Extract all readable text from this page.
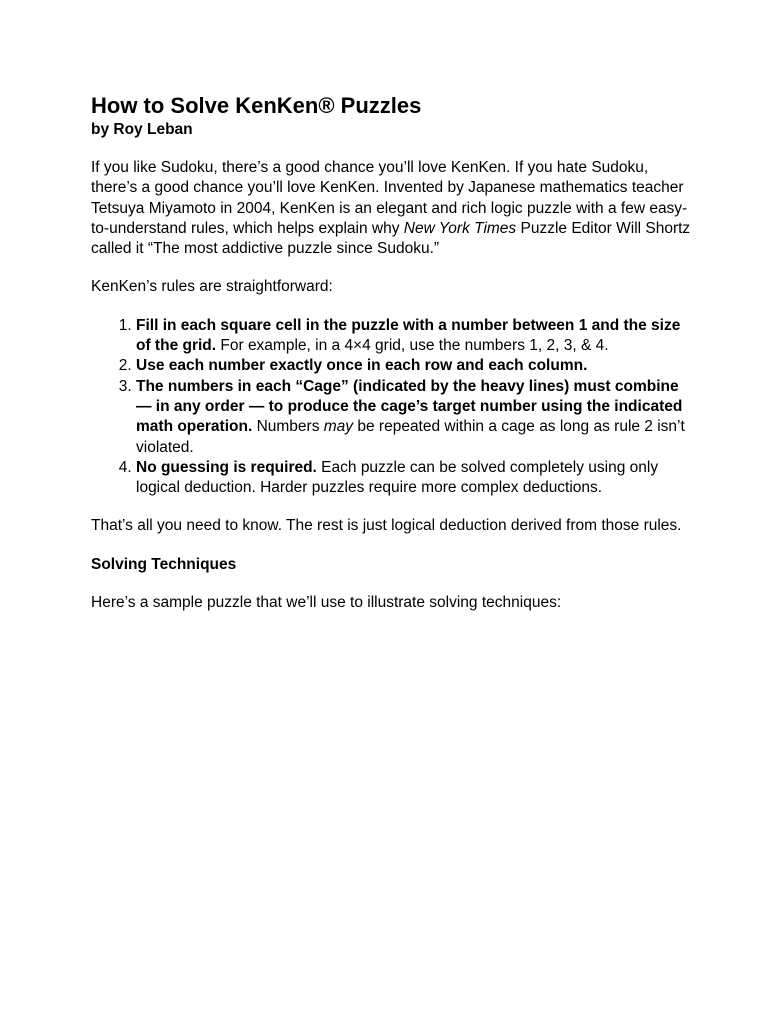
How to Solve KenKen® Puzzles
by Roy Leban

If you like Sudoku, there’s a good chance you’ll love KenKen. If you hate Sudoku, there’s a good chance you’ll love KenKen. Invented by Japanese mathematics teacher Tetsuya Miyamoto in 2004, KenKen is an elegant and rich logic puzzle with a few easy-to-understand rules, which helps explain why New York Times Puzzle Editor Will Shortz called it “The most addictive puzzle since Sudoku.”

KenKen’s rules are straightforward:

1. Fill in each square cell in the puzzle with a number between 1 and the size of the grid. For example, in a 4×4 grid, use the numbers 1, 2, 3, & 4.
2. Use each number exactly once in each row and each column.
3. The numbers in each “Cage” (indicated by the heavy lines) must combine — in any order — to produce the cage’s target number using the indicated math operation. Numbers may be repeated within a cage as long as rule 2 isn’t violated.
4. No guessing is required. Each puzzle can be solved completely using only logical deduction. Harder puzzles require more complex deductions.

That’s all you need to know. The rest is just logical deduction derived from those rules.

Solving Techniques

Here’s a sample puzzle that we’ll use to illustrate solving techniques:
